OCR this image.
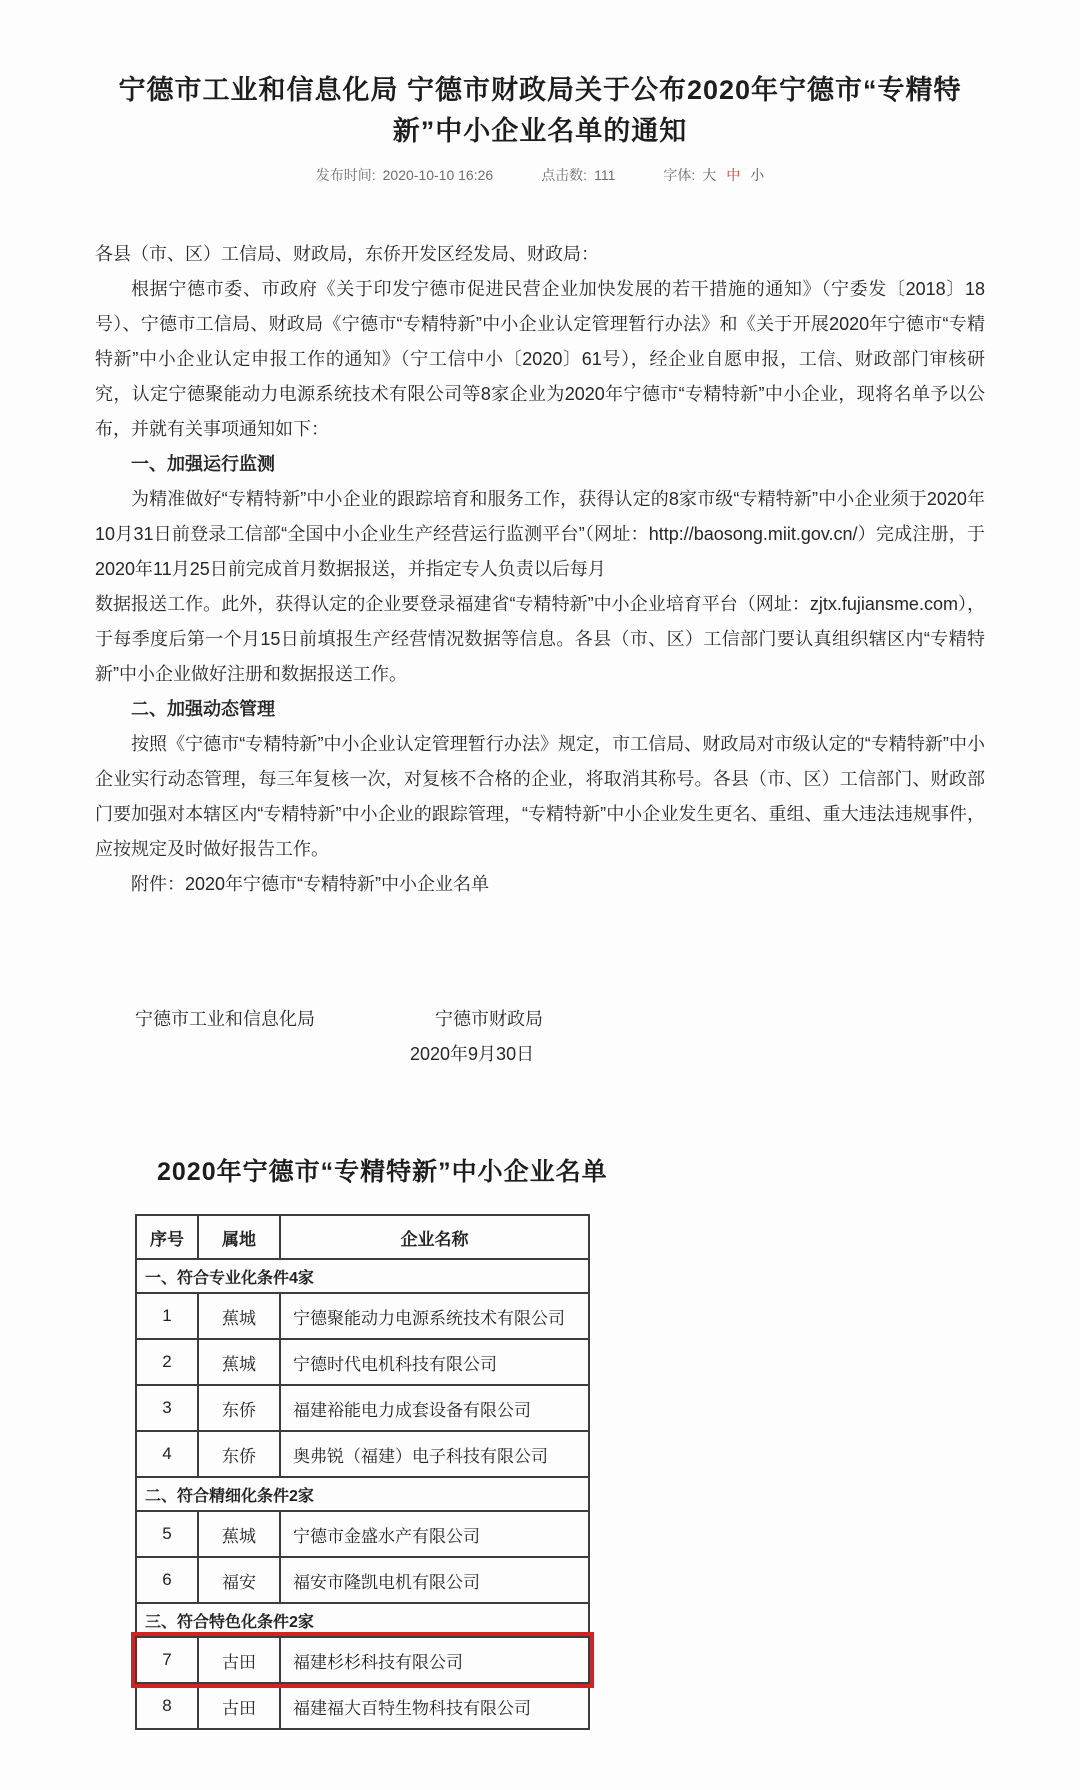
宁德市工业和信息化局 宁德市财政局关于公布2020年宁德市“专精特新”中小企业名单的通知
发布时间: 2020-10-10 16:26	点击数: 111	字体: 大 中 小

各县（市、区）工信局、财政局，东侨开发区经发局、财政局：

根据宁德市委、市政府《关于印发宁德市促进民营企业加快发展的若干措施的通知》（宁委发〔2018〕18号）、宁德市工信局、财政局《宁德市“专精特新”中小企业认定管理暂行办法》和《关于开展2020年宁德市“专精特新”中小企业认定申报工作的通知》（宁工信中小〔2020〕61号），经企业自愿申报，工信、财政部门审核研究，认定宁德聚能动力电源系统技术有限公司等8家企业为2020年宁德市“专精特新”中小企业，现将名单予以公布，并就有关事项通知如下：

一、加强运行监测

为精准做好“专精特新”中小企业的跟踪培育和服务工作，获得认定的8家市级“专精特新”中小企业须于2020年10月31日前登录工信部“全国中小企业生产经营运行监测平台”（网址：http://baosong.miit.gov.cn/）完成注册，于2020年11月25日前完成首月数据报送，并指定专人负责以后每月

数据报送工作。此外，获得认定的企业要登录福建省“专精特新”中小企业培育平台（网址：zjtx.fujiansme.com），于每季度后第一个月15日前填报生产经营情况数据等信息。各县（市、区）工信部门要认真组织辖区内“专精特新”中小企业做好注册和数据报送工作。

二、加强动态管理

按照《宁德市“专精特新”中小企业认定管理暂行办法》规定，市工信局、财政局对市级认定的“专精特新”中小企业实行动态管理，每三年复核一次，对复核不合格的企业，将取消其称号。各县（市、区）工信部门、财政部门要加强对本辖区内“专精特新”中小企业的跟踪管理，“专精特新”中小企业发生更名、重组、重大违法违规事件，应按规定及时做好报告工作。

附件：2020年宁德市“专精特新”中小企业名单

宁德市工业和信息化局	宁德市财政局

2020年9月30日

2020年宁德市“专精特新”中小企业名单
序号	属地	企业名称
一、符合专业化条件4家		
1	蕉城	宁德聚能动力电源系统技术有限公司
2	蕉城	宁德时代电机科技有限公司
3	东侨	福建裕能电力成套设备有限公司
4	东侨	奥弗锐（福建）电子科技有限公司
二、符合精细化条件2家		
5	蕉城	宁德市金盛水产有限公司
6	福安	福安市隆凯电机有限公司
三、符合特色化条件2家		
7	古田	福建杉杉科技有限公司
8	古田	福建福大百特生物科技有限公司
